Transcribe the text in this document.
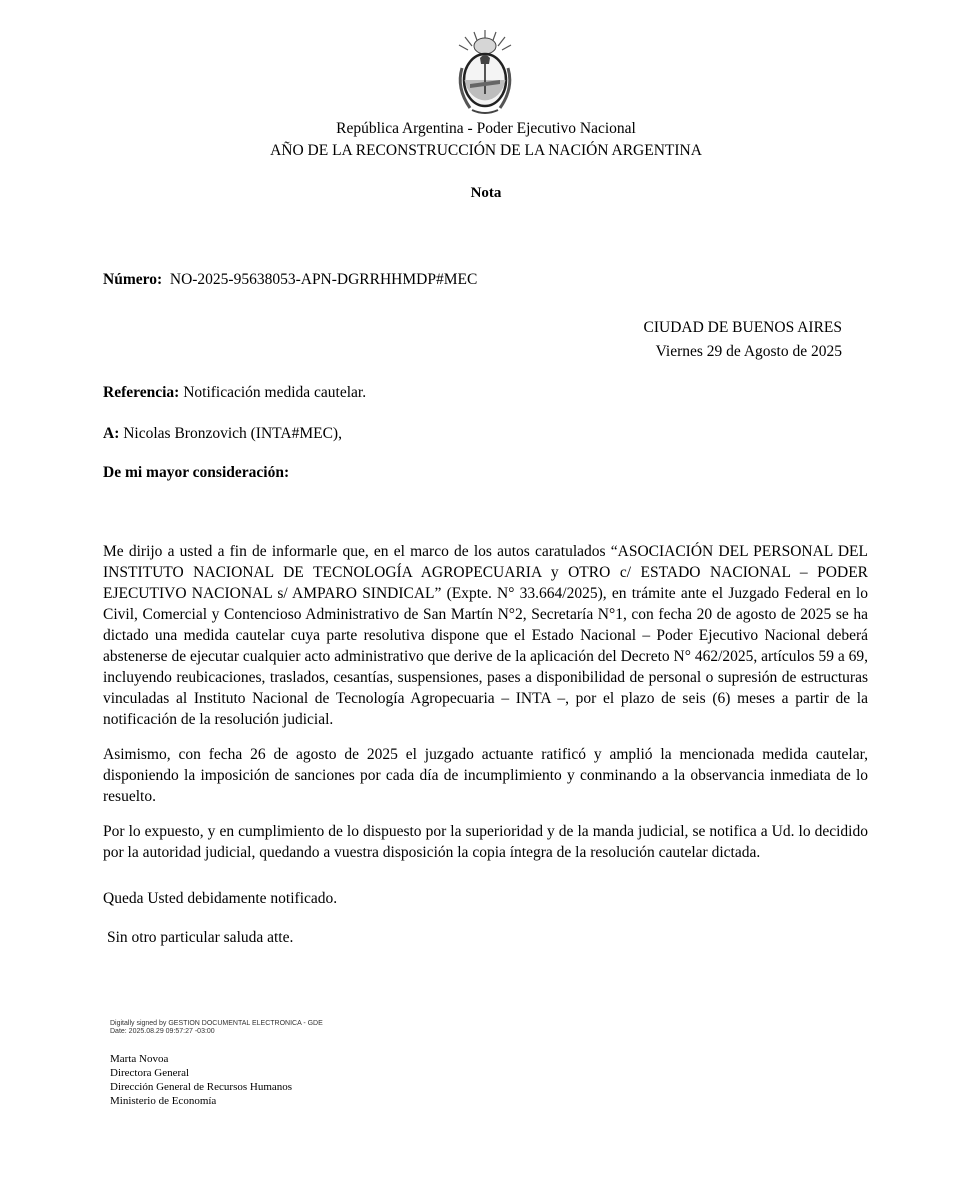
República Argentina - Poder Ejecutivo Nacional
AÑO DE LA RECONSTRUCCIÓN DE LA NACIÓN ARGENTINA
Nota
Número: NO-2025-95638053-APN-DGRRHHMDP#MEC
CIUDAD DE BUENOS AIRES
Viernes 29 de Agosto de 2025
Referencia: Notificación medida cautelar.
A: Nicolas Bronzovich (INTA#MEC),
De mi mayor consideración:

Me dirijo a usted a fin de informarle que, en el marco de los autos caratulados “ASOCIACIÓN DEL PERSONAL DEL INSTITUTO NACIONAL DE TECNOLOGÍA AGROPECUARIA y OTRO c/ ESTADO NACIONAL – PODER EJECUTIVO NACIONAL s/ AMPARO SINDICAL” (Expte. N° 33.664/2025), en trámite ante el Juzgado Federal en lo Civil, Comercial y Contencioso Administrativo de San Martín N°2, Secretaría N°1, con fecha 20 de agosto de 2025 se ha dictado una medida cautelar cuya parte resolutiva dispone que el Estado Nacional – Poder Ejecutivo Nacional deberá abstenerse de ejecutar cualquier acto administrativo que derive de la aplicación del Decreto N° 462/2025, artículos 59 a 69, incluyendo reubicaciones, traslados, cesantías, suspensiones, pases a disponibilidad de personal o supresión de estructuras vinculadas al Instituto Nacional de Tecnología Agropecuaria – INTA –, por el plazo de seis (6) meses a partir de la notificación de la resolución judicial.

Asimismo, con fecha 26 de agosto de 2025 el juzgado actuante ratificó y amplió la mencionada medida cautelar, disponiendo la imposición de sanciones por cada día de incumplimiento y conminando a la observancia inmediata de lo resuelto.

Por lo expuesto, y en cumplimiento de lo dispuesto por la superioridad y de la manda judicial, se notifica a Ud. lo decidido por la autoridad judicial, quedando a vuestra disposición la copia íntegra de la resolución cautelar dictada.

Queda Usted debidamente notificado.
Sin otro particular saluda atte.
Digitally signed by GESTION DOCUMENTAL ELECTRONICA - GDE
Date: 2025.08.29 09:57:27 -03:00
Marta Novoa
Directora General
Dirección General de Recursos Humanos
Ministerio de Economía
